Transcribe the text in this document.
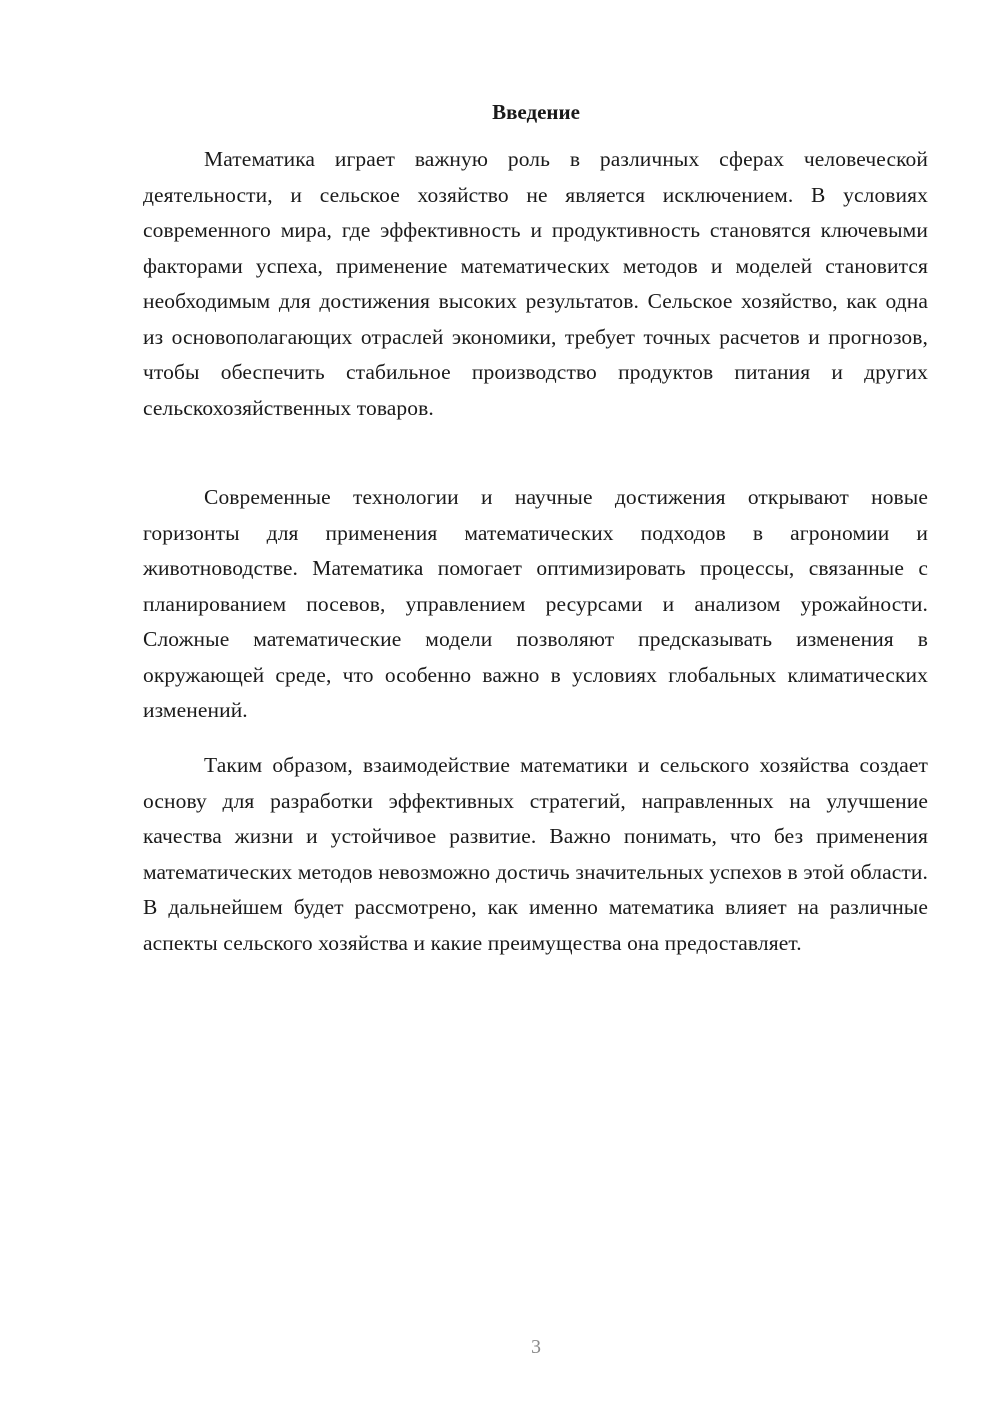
Введение

Математика играет важную роль в различных сферах человеческой деятельности, и сельское хозяйство не является исключением. В условиях современного мира, где эффективность и продуктивность становятся ключевыми факторами успеха, применение математических методов и моделей становится необходимым для достижения высоких результатов. Сельское хозяйство, как одна из основополагающих отраслей экономики, требует точных расчетов и прогнозов, чтобы обеспечить стабильное производство продуктов питания и других сельскохозяйственных товаров.

Современные технологии и научные достижения открывают новые горизонты для применения математических подходов в агрономии и животноводстве. Математика помогает оптимизировать процессы, связанные с планированием посевов, управлением ресурсами и анализом урожайности. Сложные математические модели позволяют предсказывать изменения в окружающей среде, что особенно важно в условиях глобальных климатических изменений.

Таким образом, взаимодействие математики и сельского хозяйства создает основу для разработки эффективных стратегий, направленных на улучшение качества жизни и устойчивое развитие. Важно понимать, что без применения математических методов невозможно достичь значительных успехов в этой области. В дальнейшем будет рассмотрено, как именно математика влияет на различные аспекты сельского хозяйства и какие преимущества она предоставляет.

3
